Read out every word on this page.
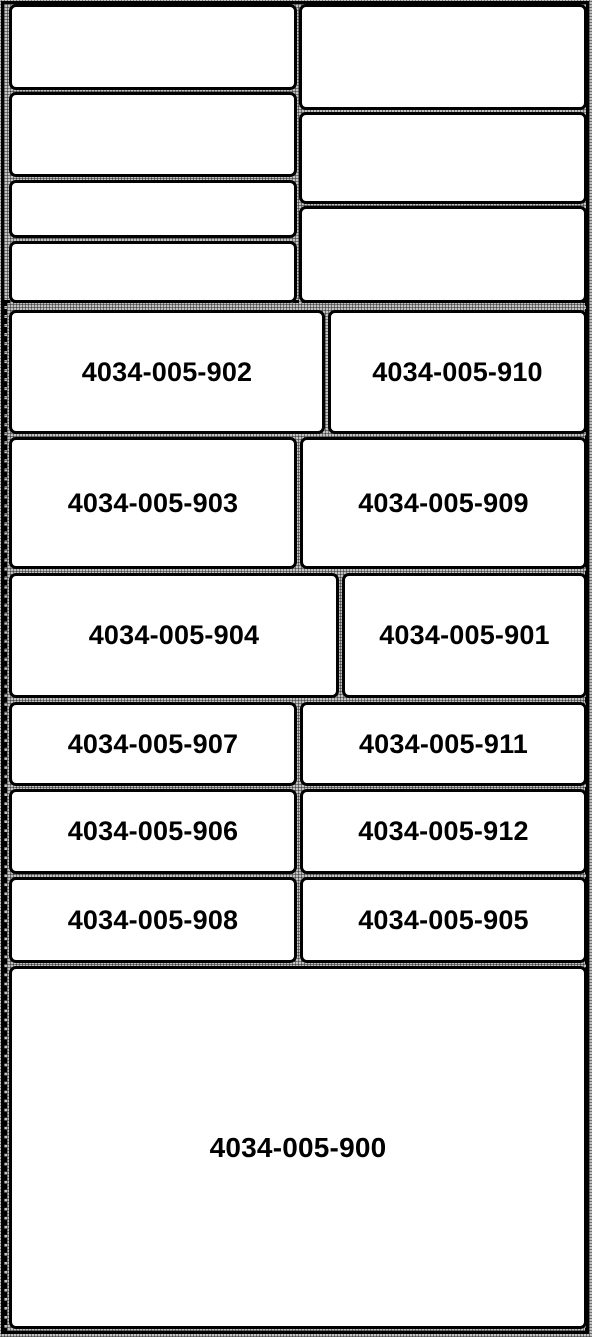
4034-005-902	4034-005-910
4034-005-903	4034-005-909
4034-005-904	4034-005-901
4034-005-907	4034-005-911
4034-005-906	4034-005-912
4034-005-908	4034-005-905
4034-005-900
